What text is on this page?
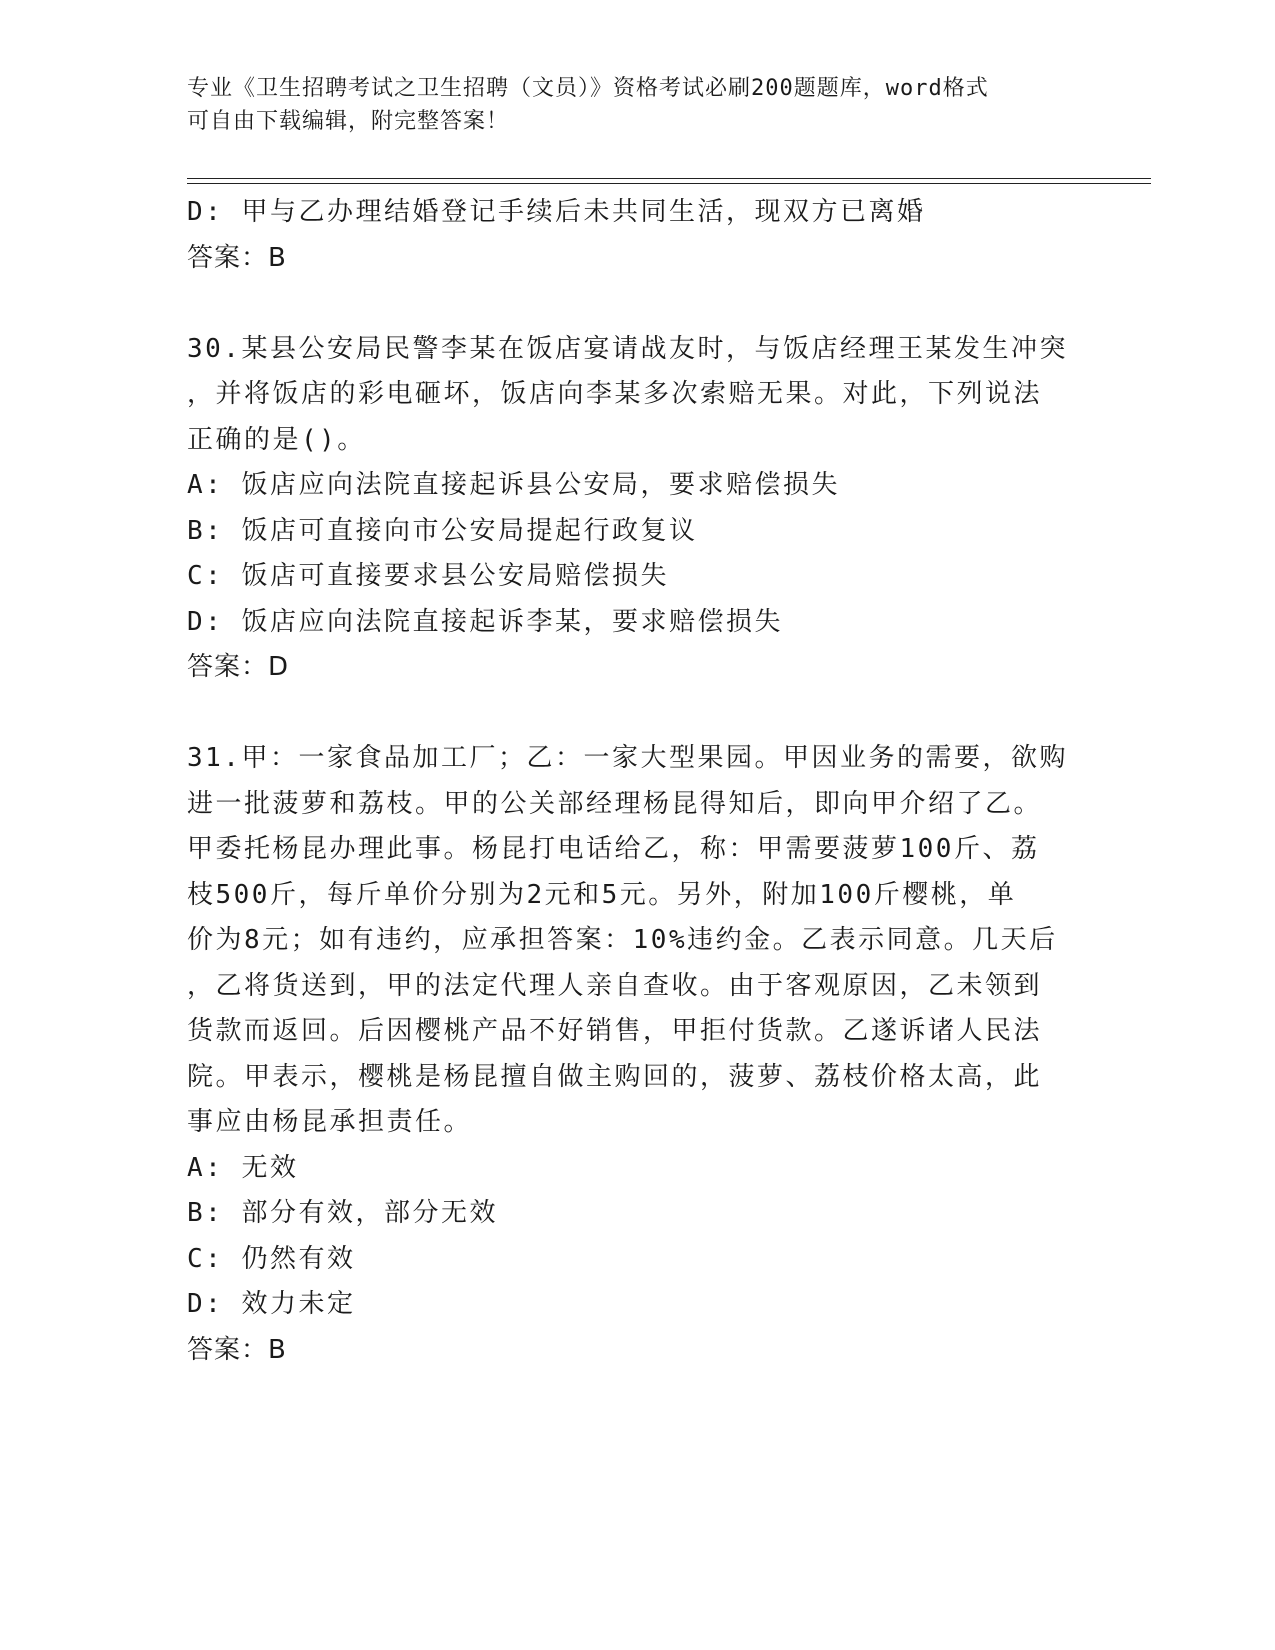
专业《卫生招聘考试之卫生招聘（文员）》资格考试必刷200题题库，word格式
可自由下载编辑，附完整答案！
D: 甲与乙办理结婚登记手续后未共同生活，现双方已离婚
答案：B
30.某县公安局民警李某在饭店宴请战友时，与饭店经理王某发生冲突
，并将饭店的彩电砸坏，饭店向李某多次索赔无果。对此，下列说法
正确的是()。
A: 饭店应向法院直接起诉县公安局，要求赔偿损失
B: 饭店可直接向市公安局提起行政复议
C: 饭店可直接要求县公安局赔偿损失
D: 饭店应向法院直接起诉李某，要求赔偿损失
答案：D
31.甲：一家食品加工厂；乙：一家大型果园。甲因业务的需要，欲购
进一批菠萝和荔枝。甲的公关部经理杨昆得知后，即向甲介绍了乙。
甲委托杨昆办理此事。杨昆打电话给乙，称：甲需要菠萝100斤、荔
枝500斤，每斤单价分别为2元和5元。另外，附加100斤樱桃，单
价为8元；如有违约，应承担答案：10%违约金。乙表示同意。几天后
，乙将货送到，甲的法定代理人亲自查收。由于客观原因，乙未领到
货款而返回。后因樱桃产品不好销售，甲拒付货款。乙遂诉诸人民法
院。甲表示，樱桃是杨昆擅自做主购回的，菠萝、荔枝价格太高，此
事应由杨昆承担责任。
A: 无效
B: 部分有效，部分无效
C: 仍然有效
D: 效力未定
答案：B
